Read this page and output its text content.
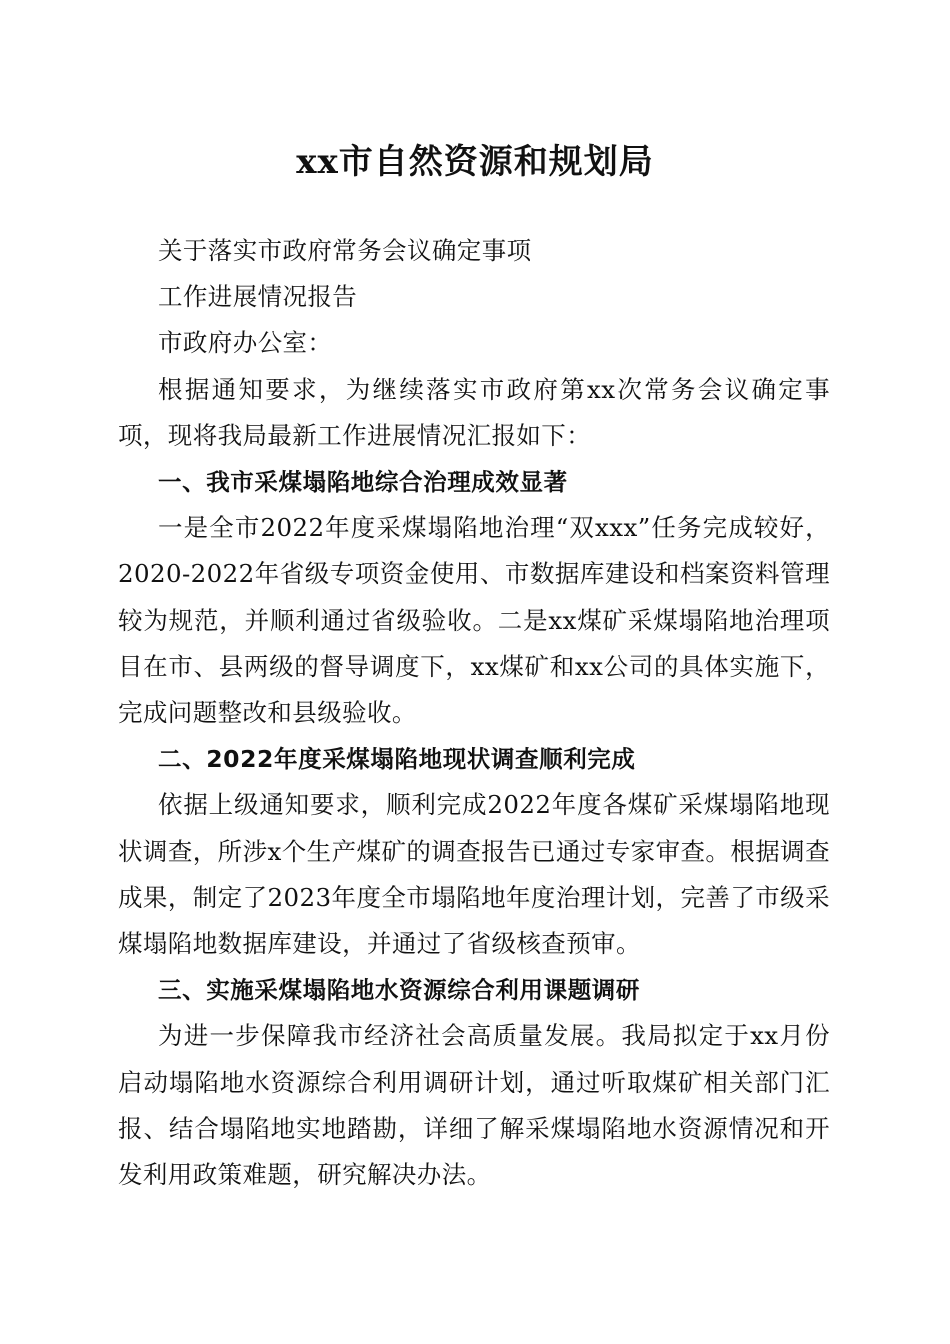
xx市自然资源和规划局

关于落实市政府常务会议确定事项

工作进展情况报告

市政府办公室：

根据通知要求，为继续落实市政府第xx次常务会议确定事项，现将我局最新工作进展情况汇报如下：

一、我市采煤塌陷地综合治理成效显著

一是全市2022年度采煤塌陷地治理“双xxx”任务完成较好，2020-2022年省级专项资金使用、市数据库建设和档案资料管理较为规范，并顺利通过省级验收。二是xx煤矿采煤塌陷地治理项目在市、县两级的督导调度下，xx煤矿和xx公司的具体实施下，完成问题整改和县级验收。

二、2022年度采煤塌陷地现状调查顺利完成

依据上级通知要求，顺利完成2022年度各煤矿采煤塌陷地现状调查，所涉x个生产煤矿的调查报告已通过专家审查。根据调查成果，制定了2023年度全市塌陷地年度治理计划，完善了市级采煤塌陷地数据库建设，并通过了省级核查预审。

三、实施采煤塌陷地水资源综合利用课题调研

为进一步保障我市经济社会高质量发展。我局拟定于xx月份启动塌陷地水资源综合利用调研计划，通过听取煤矿相关部门汇报、结合塌陷地实地踏勘，详细了解采煤塌陷地水资源情况和开发利用政策难题，研究解决办法。
